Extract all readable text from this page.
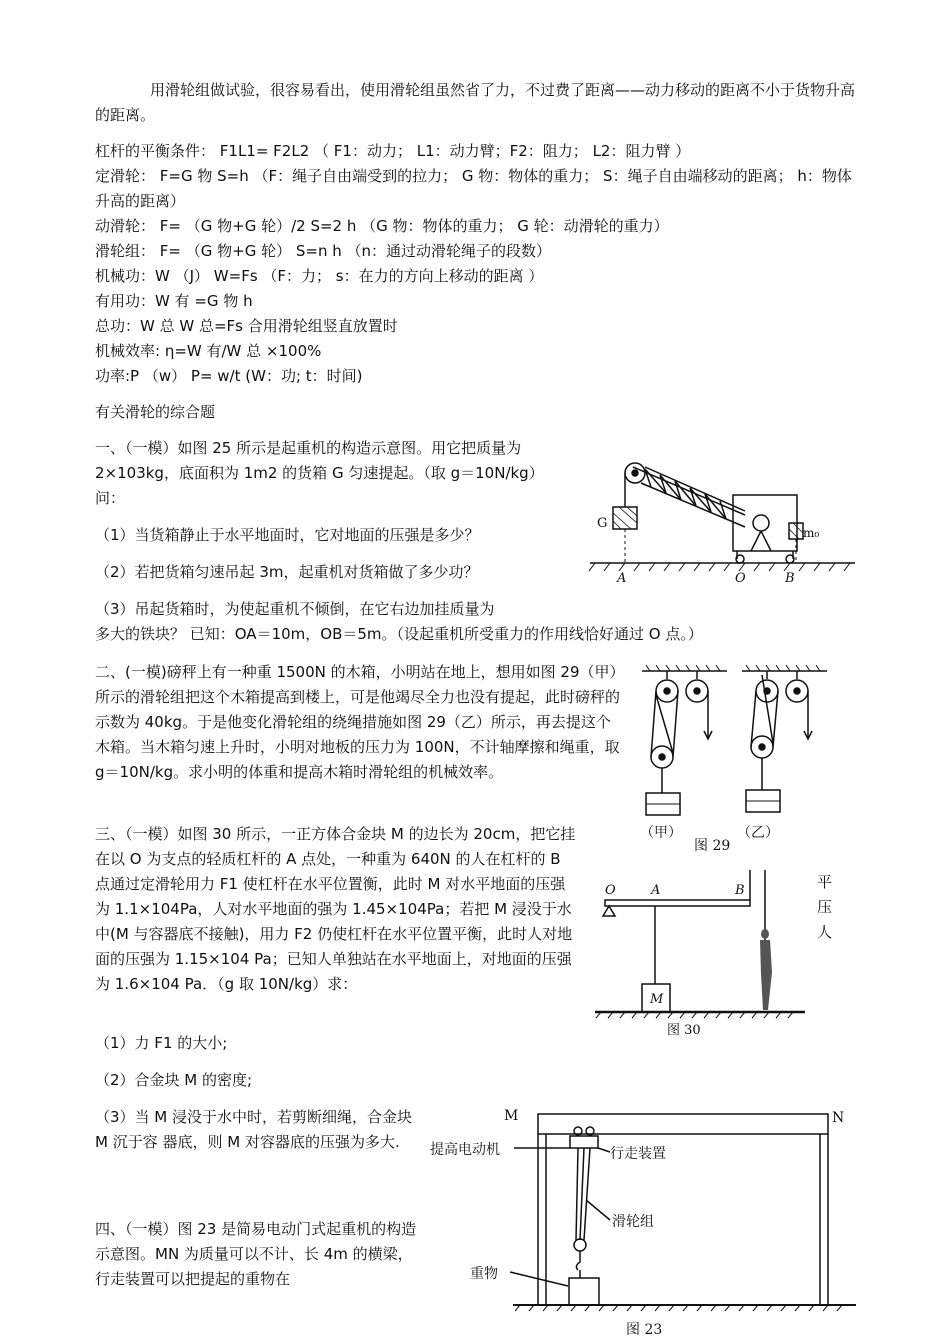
用滑轮组做试验，很容易看出，使用滑轮组虽然省了力，不过费了距离——动力移动的距离不小于货物升高的距离。

杠杆的平衡条件： F1L1= F2L2 （ F1：动力； L1：动力臂；F2：阻力； L2：阻力臂 ）

定滑轮： F=G 物 S=h （F：绳子自由端受到的拉力； G 物：物体的重力； S：绳子自由端移动的距离； h：物体升高的距离）

动滑轮： F= （G 物+G 轮）/2 S=2 h （G 物：物体的重力； G 轮：动滑轮的重力）

滑轮组： F= （G 物+G 轮） S=n h （n：通过动滑轮绳子的段数）

机械功：W （J） W=Fs （F：力； s：在力的方向上移动的距离 ）

有用功：W 有 =G 物 h

总功：W 总 W 总=Fs 合用滑轮组竖直放置时

机械效率: η=W 有/W 总 ×100%

功率:P （w） P= w/t (W：功; t：时间)

有关滑轮的综合题
一、（一模）如图 25 所示是起重机的构造示意图。用它把质量为 2×103kg，底面积为 1m2 的货箱 G 匀速提起。（取 g＝10N/kg）问：
（1）当货箱静止于水平地面时，它对地面的压强是多少？
（2）若把货箱匀速吊起 3m，起重机对货箱做了多少功？
（3）吊起货箱时，为使起重机不倾倒，在它右边加挂质量为
多大的铁块？ 已知：OA＝10m，OB＝5m。（设起重机所受重力的作用线恰好通过 O 点。）
G
m₀
A	O	B
二、(一模)磅秤上有一种重 1500N 的木箱，小明站在地上，想用如图 29（甲）所示的滑轮组把这个木箱提高到楼上，可是他竭尽全力也没有提起，此时磅秤的示数为 40kg。于是他变化滑轮组的绕绳措施如图 29（乙）所示，再去提这个木箱。当木箱匀速上升时，小明对地板的压力为 100N，不计轴摩擦和绳重，取 g＝10N/kg。求小明的体重和提高木箱时滑轮组的机械效率。
（甲）
图 29
（乙）
三、（一模）如图 30 所示，一正方体合金块 M 的边长为 20cm，把它挂在以 O 为支点的轻质杠杆的 A 点处，一种重为 640N 的人在杠杆的 B 点通过定滑轮用力 F1 使杠杆在水平位置衡，此时 M 对水平地面的压强为 1.1×104Pa，人对水平地面的强为 1.45×104Pa；若把 M 浸没于水中(M 与容器底不接触)，用力 F2 仍使杠杆在水平位置平衡，此时人对地面的压强为 1.15×104 Pa；已知人单独站在水平地面上，对地面的压强为 1.6×104 Pa．（g 取 10N/kg）求：
平
压
人
（1）力 F1 的大小;
（2）合金块 M 的密度;
（3）当 M 浸没于水中时，若剪断细绳，合金块 M 沉于容 器底，则 M 对容器底的压强为多大.
O	A	B
M
图 30
四、（一模）图 23 是简易电动门式起重机的构造示意图。MN 为质量可以不计、长 4m 的横梁，行走装置可以把提起的重物在
M	N
提高电动机	行走装置
滑轮组
重物
图 23
